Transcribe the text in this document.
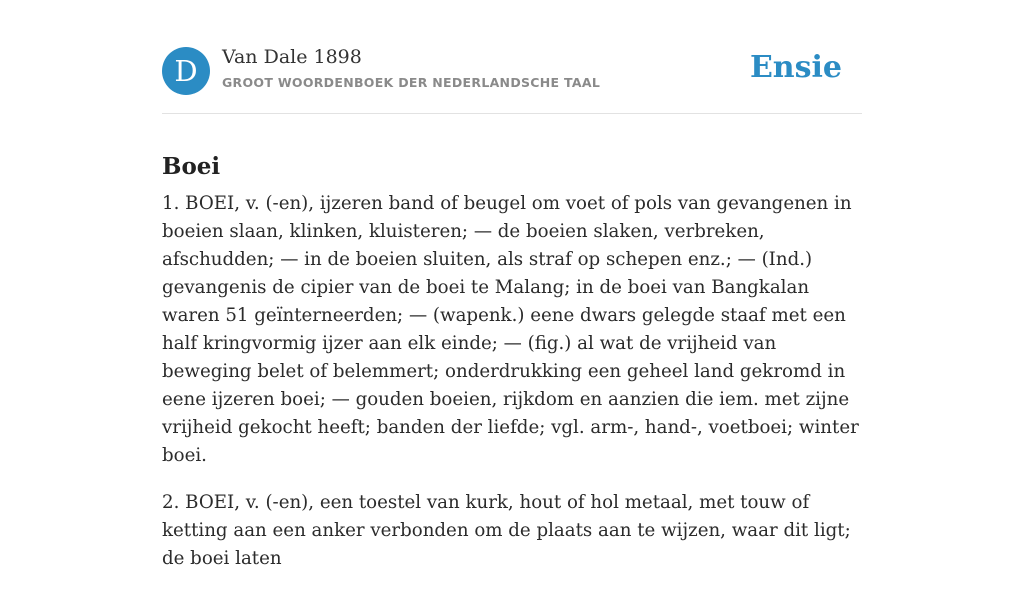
D	Van Dale 1898
GROOT WOORDENBOEK DER NEDERLANDSCHE TAAL	Ensie
Boei

1. BOEI, v. (-en), ijzeren band of beugel om voet of pols van gevangenen in boeien slaan, klinken, kluisteren; — de boeien slaken, verbreken, afschudden; — in de boeien sluiten, als straf op schepen enz.; — (Ind.) gevangenis de cipier van de boei te Malang; in de boei van Bangkalan waren 51 geïnterneerden; — (wapenk.) eene dwars gelegde staaf met een half kringvormig ijzer aan elk einde; — (fig.) al wat de vrijheid van beweging belet of belemmert; onderdrukking een geheel land gekromd in eene ijzeren boei; — gouden boeien, rijkdom en aanzien die iem. met zijne vrijheid gekocht heeft; banden der liefde; vgl. arm-, hand-, voetboei; winter boei.

2. BOEI, v. (-en), een toestel van kurk, hout of hol metaal, met touw of ketting aan een anker verbonden om de plaats aan te wijzen, waar dit ligt; de boei laten
